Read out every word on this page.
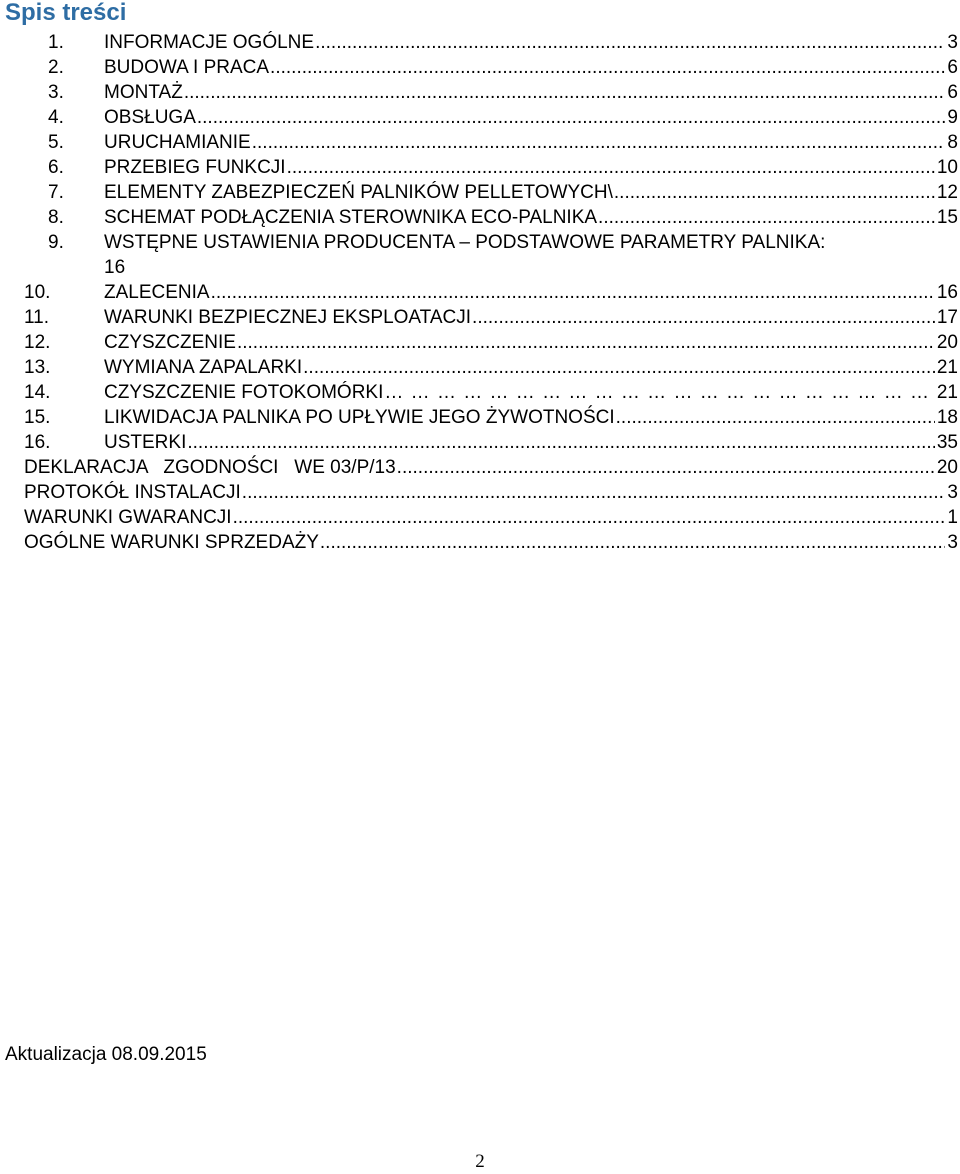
Spis treści
1.	INFORMACJE OGÓLNE .....	3
2.	BUDOWA I PRACA .....	6
3.	MONTAŻ .....	6
4.	OBSŁUGA .....	9
5.	URUCHAMIANIE .....	8
6.	PRZEBIEG FUNKCJI .....	10
7.	ELEMENTY ZABEZPIECZEŃ PALNIKÓW PELLETOWYCH\ .....	12
8.	SCHEMAT PODŁĄCZENIA STEROWNIKA ECO-PALNIKA .....	15
9.	WSTĘPNE USTAWIENIA PRODUCENTA – PODSTAWOWE PARAMETRY PALNIKA:
16
10.	ZALECENIA .....	16
11.	WARUNKI BEZPIECZNEJ EKSPLOATACJI .....	17
12.	CZYSZCZENIE .....	20
13.	WYMIANA ZAPALARKI .....	21
14.	CZYSZCZENIE FOTOKOMÓRKI … … … … … … … … … … … … … … … … … … … … … … … … … … … … … … … … … … … … … … … … … … …	21
15.	LIKWIDACJA PALNIKA PO UPŁYWIE JEGO ŻYWOTNOŚCI .....	18
16.	USTERKI .....	35
DEKLARACJA   ZGODNOŚCI   WE 03/P/13 .....	20
PROTOKÓŁ INSTALACJI .....	3
WARUNKI GWARANCJI .....	1
OGÓLNE WARUNKI SPRZEDAŻY .....	3
Aktualizacja 08.09.2015
2
